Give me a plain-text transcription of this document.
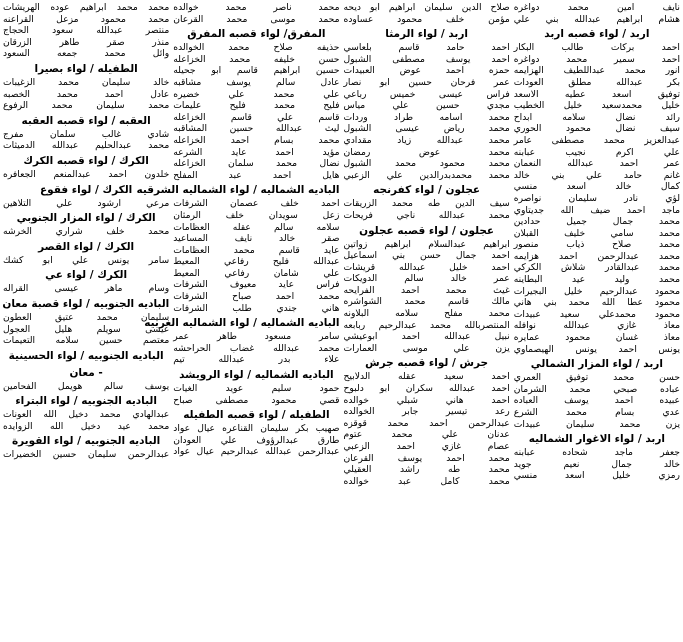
نايف امين محمد دواغره
هشام ابراهيم عبدالله بني علي
اربد / لواء قصبه اربد
احمد بركات طالب البكار
احمد سمير محمد دواغره
انور محمد عبداللطيف الهزايمه
بكر عبدالله مطلق العودات
توفيق اسعد عطيه الاسعد
خليل محمدسعيد خليل الخطيب
رائد نضال سلامه ابداح
سيف نضال محمود الحوري
عبدالعزيز محمد مصطفى عامر
علي اكرم نجيب عبابنه
عمر احمد عبدالله النعمان
غانم حامد علي بني خالد
كمال خالد اسعد منسي
لؤي نادر سليمان نواصره
ماجد احمد ضيف الله جديتاوي
محمد جمال جميل حدادين
محمد سامي خليف القبلان
محمد صلاح ذياب منصور
محمد عبدالرحمن احمد هزايمه
محمد عبدالقادر شلاش الكركي
محمد وليد عيد البطاينه
محمود عبدالرحيم خليل البجيرات
محمود عطا الله محمد بني هاني
محمود محمدعلي سعيد عبيدات
معاذ غازي عبدالله نوافله
معاذ غسان محمود عمايره
يونس احمد يونس الهيصماوي
اربد / لواء المزار الشمالي
حسن محمد توفيق العمري
عباده صبحي محمد الشرمان
عبيده احمد يوسف العباده
عدي بسام محمد الشرع
يزن محمد سليمان عبيدات
اربد / لواء الاغوار الشماليه
جعفر ماجد شحاده عبابنه
خالد جمال نعيم جويد
رمزي خليل اسعد منسي
صلاح الدين سليمان ابراهيم ابو ديحه
مؤمن خلف محمود عساوده
اربد / لواء الرمثا
احمد حامد قاسم بلعاسي
احمد يوسف مصطفى الشبول
حمزه احمد عوض العبيدات
عمر فرحان حسين ابو نصار
فراس عيسى خميس رباعي
مجدي حسين علي مياس
محمد اسامه طراد وردات
محمد رياض عيسى الشبول
محمد عبدالله زياد مقدادي
محمد عوض رمضان
محمد محمود محمد الشبول
محمد محمدبدرالدين علي الزعبي
عجلون / لواء كفرنجه
سيف الدين طه محمد الزريقات
محمد عبدالله ناجي فريحات
عجلون / لواء قصبه عجلون
ابراهيم عبدالسلام ابراهيم زواتين
احمد جمال حسن بني اسماعيل
احمد خليل عبدالله قريشات
عمر خالد سالم الدويكات
غيث محمد احمد الفرايحه
مالك قاسم محمد الشواشره
محمد مفلح سلامه البلاونه
المنتصربالله محمد عبدالرحيم ربابعه
نبيل عبدالله احمد ابوعيشي
يزن علي موسى العمارات
جرش / لواء قصبه جرش
احمد سعيد عقله الدلابيح
احمد عبدالله سكران ابو دلبوح
احمد هاني شبلي خوالده
رعد تيسير جابر الخوالده
عبدالرحمن احمد محمد قوقزه
عدنان علي محمد عتوم
عصام غازي احمد الزعبي
محمد احمد يوسف القرعان
محمد طه راشد العقيلي
محمد كامل عبد خوالده
محمد ناصر محمد خوالده
محمد موسى محمد القرعان
المفرق/ لواء قصبه المفرق
حذيفه صلاح محمد الخوالده
حسن خليفه محمد الخزاعله
حسين ابراهيم قاسم ابو جحيله
عادل سالم يوسف مشاقبه
علي محمد علي خضيره
فليح محمد فليح عليمات
قاسم علي قاسم الخزاعله
ليث عبدالله حسين المشاقبه
محمد بسام احمد الخزاعله
مؤيد احمد عايد الشرعه
نضال محمد سلمان الخزاعله
هايل احمد عبد المفلح
الباديه الشماليه / لواء الشماليه الشرقيه
احمد خلف عصمان الشرفات
زعل سويدان خلف الرمثان
سلامه سالم عقله العظامات
صقر خالد نايف المساعيد
عايد قاسم محمد العظامات
عبدالله فليح رفاعي المعيط
علي شامان رفاعي المعيط
فراس عايد معيوف الشرفات
محمد احمد صباح الشرفات
هاني جندي طلب الشرفات
الباديه الشماليه / لواء الشماليه الغربيه
سامر مسعود طاهر عمر
محمد عبدالله غضاب الحراحشه
علاء بدر عبدالله تيم
الباديه الشماليه / لواء الرويشد
حمود سليم عويد الغيات
قصي محمود مصطفى صباح
الطفيله / لواء قصبه الطفيله
صهيب بكر سليمان القناعره عيال عواد
طارق عبدالرؤوف علي العودان
عبدالرحمن عبدالله عبدالرحيم عيال عواد
محمد محمد ابراهيم عوده الهريشات
محمد محمود مزعل القراعنه
منتصر عبدالله سعود الحجاج
منذر صقر طاهر الزرقان
وائل محمد جمعه السعود
الطفيله / لواء بصيرا
خالد سليمان محمد الزغيبات
عادل احمد محمد الخصبه
محمد سليمان محمد الرفوع
العقبه / لواء قصبه العقبه
شادي غالب سلمان مفرج
محمد عبدالحليم عبدالله الدميثات
الكرك / لواء قصبه الكرك
خلدون احمد عبدالمنعم الجعافره
الكرك / لواء فقوع
مرعي ارشود علي التلاهين
الكرك / لواء المزار الجنوبي
محمد خلف شراري الخرشه
الكرك / لواء القصر
سامر يونس علي ابو كشك
الكرك / لواء عي
وسام ماهر عيسى القراله
الباديه الجنوبيه / لواء قصبة معان
سليمان محمد عتيق العطون
عيسى سويلم هليل العجول
معتصم حسين سلامه التعيمات
الباديه الجنوبيه / لواء الحسينية
- معان
يوسف سالم هويمل الفحامين
الباديه الجنوبيه / لواء البتراء
عبدالهادي محمد دخيل الله العونات
محمد عيد دخيل الله الزوايده
الباديه الجنوبيه / لواء القويرة
عبدالرحمن سليمان حسين الخضيرات
